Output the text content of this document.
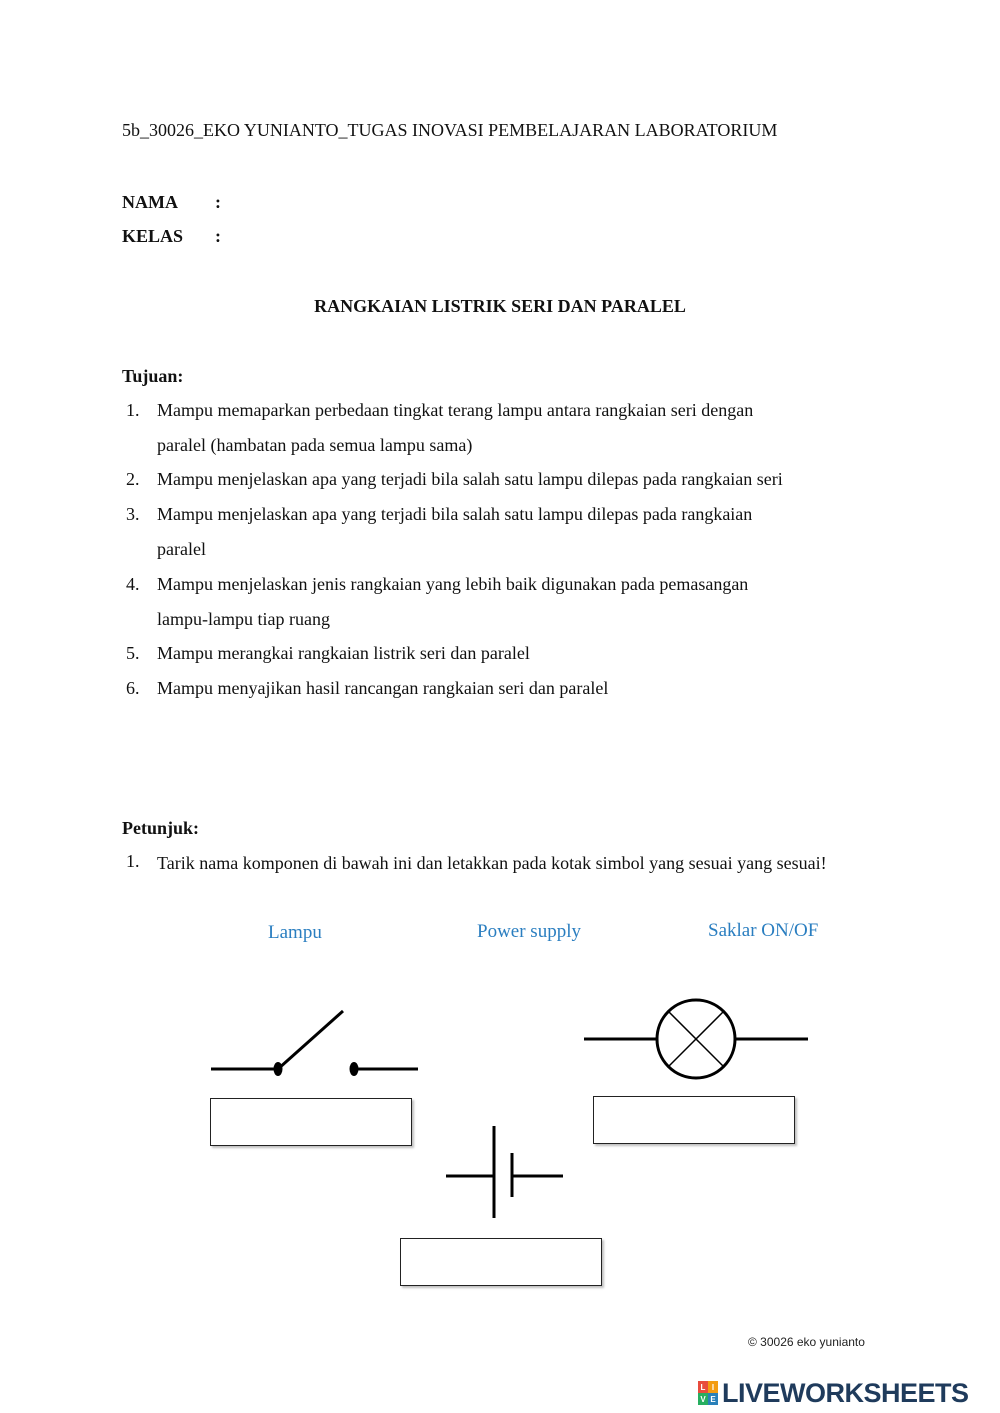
5b_30026_EKO YUNIANTO_TUGAS INOVASI PEMBELAJARAN LABORATORIUM
NAMA :
KELAS :
RANGKAIAN LISTRIK SERI DAN PARALEL
Tujuan:
1. Mampu memaparkan perbedaan tingkat terang lampu antara rangkaian seri dengan
paralel (hambatan pada semua lampu sama)
2. Mampu menjelaskan apa yang terjadi bila salah satu lampu dilepas pada rangkaian seri
3. Mampu menjelaskan apa yang terjadi bila salah satu lampu dilepas pada rangkaian
paralel
4. Mampu menjelaskan jenis rangkaian yang lebih baik digunakan pada pemasangan
lampu-lampu tiap ruang
5. Mampu merangkai rangkaian listrik seri dan paralel
6. Mampu menyajikan hasil rancangan rangkaian seri dan paralel
Petunjuk:
1. Tarik nama komponen di bawah ini dan letakkan pada kotak simbol yang sesuai yang sesuai!
Lampu	Power supply	Saklar ON/OF
© 30026 eko yunianto
L I
V E LIVEWORKSHEETS
